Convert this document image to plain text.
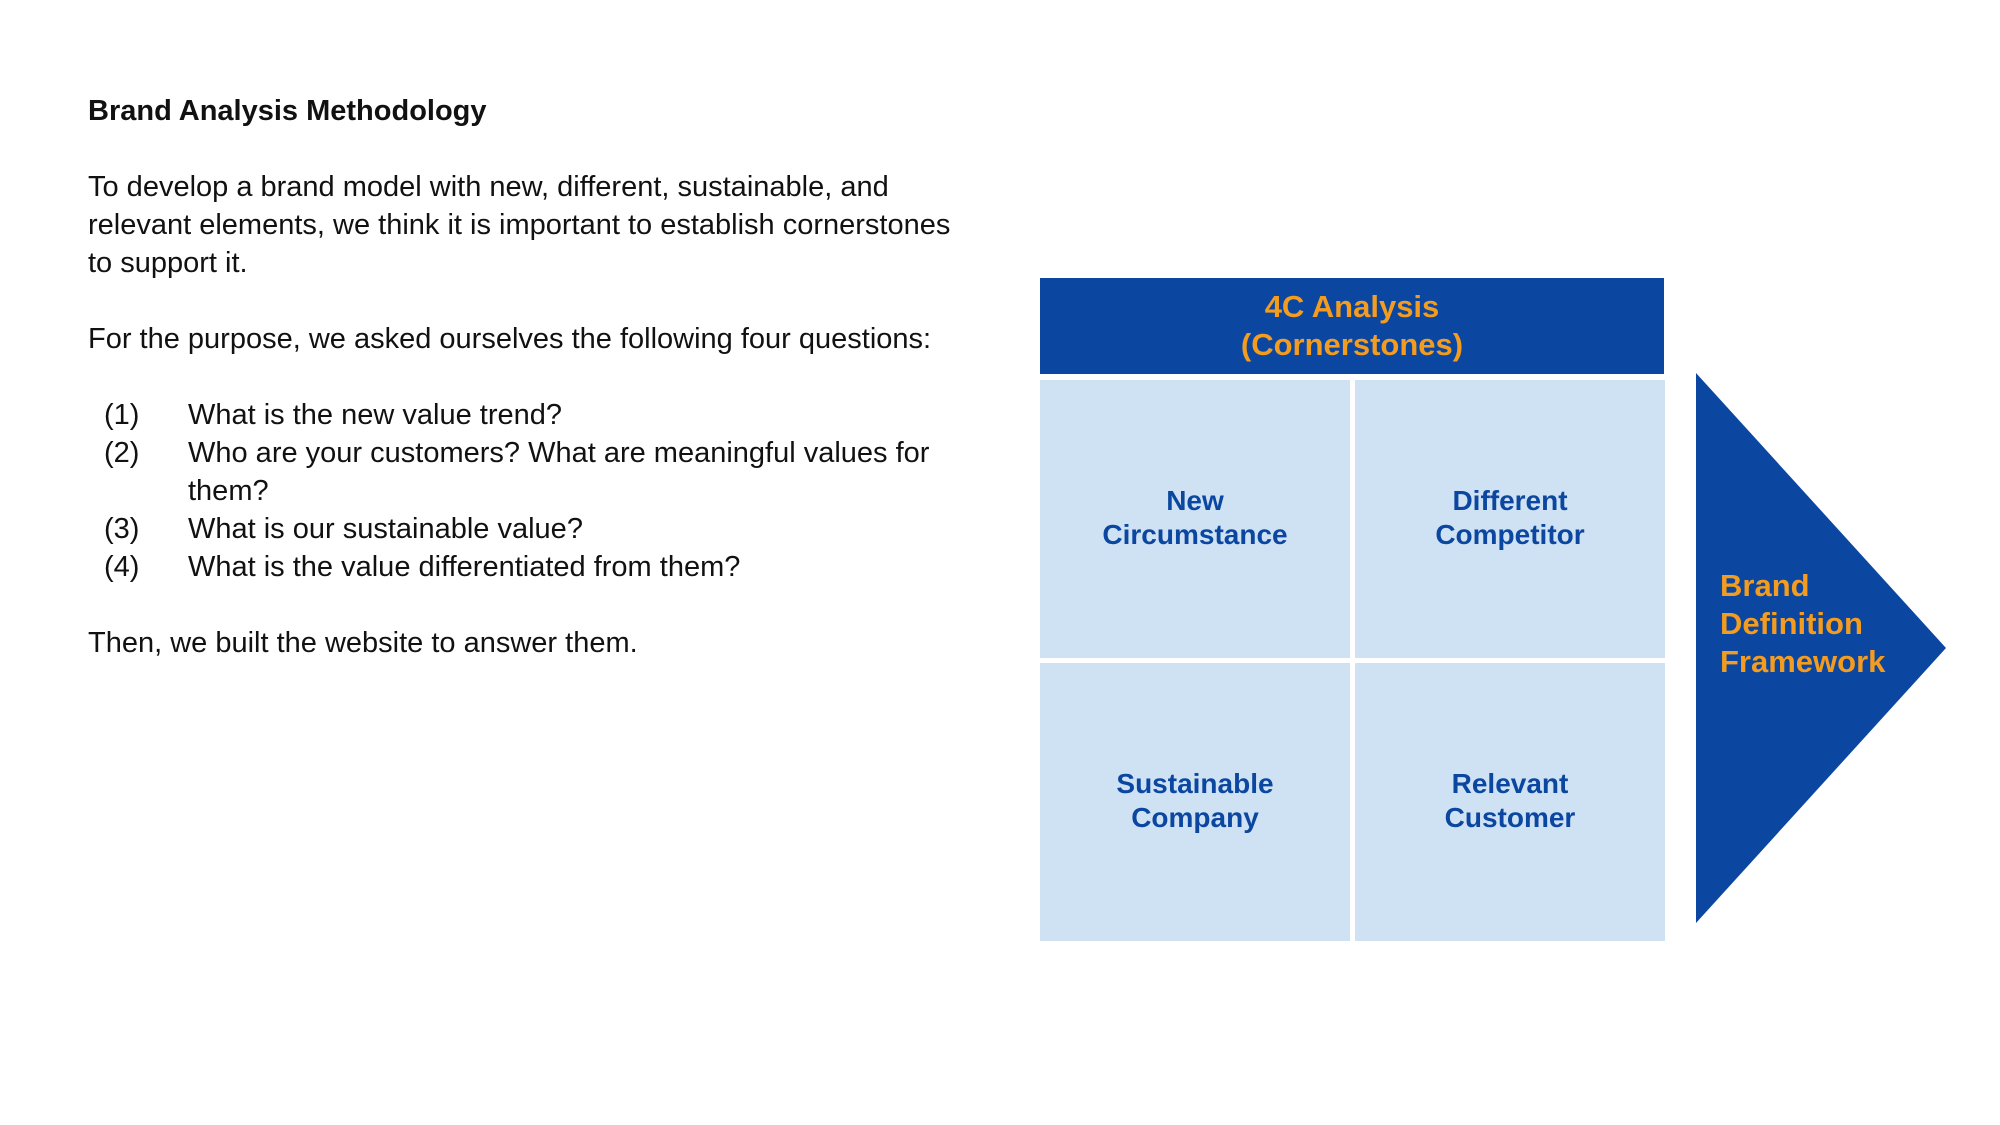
Brand Analysis Methodology

To develop a brand model with new, different, sustainable, and relevant elements, we think it is important to establish cornerstones to support it.

For the purpose, we asked ourselves the following four questions:

(1)	What is the new value trend?
(2)	Who are your customers? What are meaningful values for them?
(3)	What is our sustainable value?
(4)	What is the value differentiated from them?

Then, we built the website to answer them.

4C Analysis
(Cornerstones)
New
Circumstance
Different
Competitor
Sustainable
Company
Relevant
Customer
Brand
Definition
Framework
